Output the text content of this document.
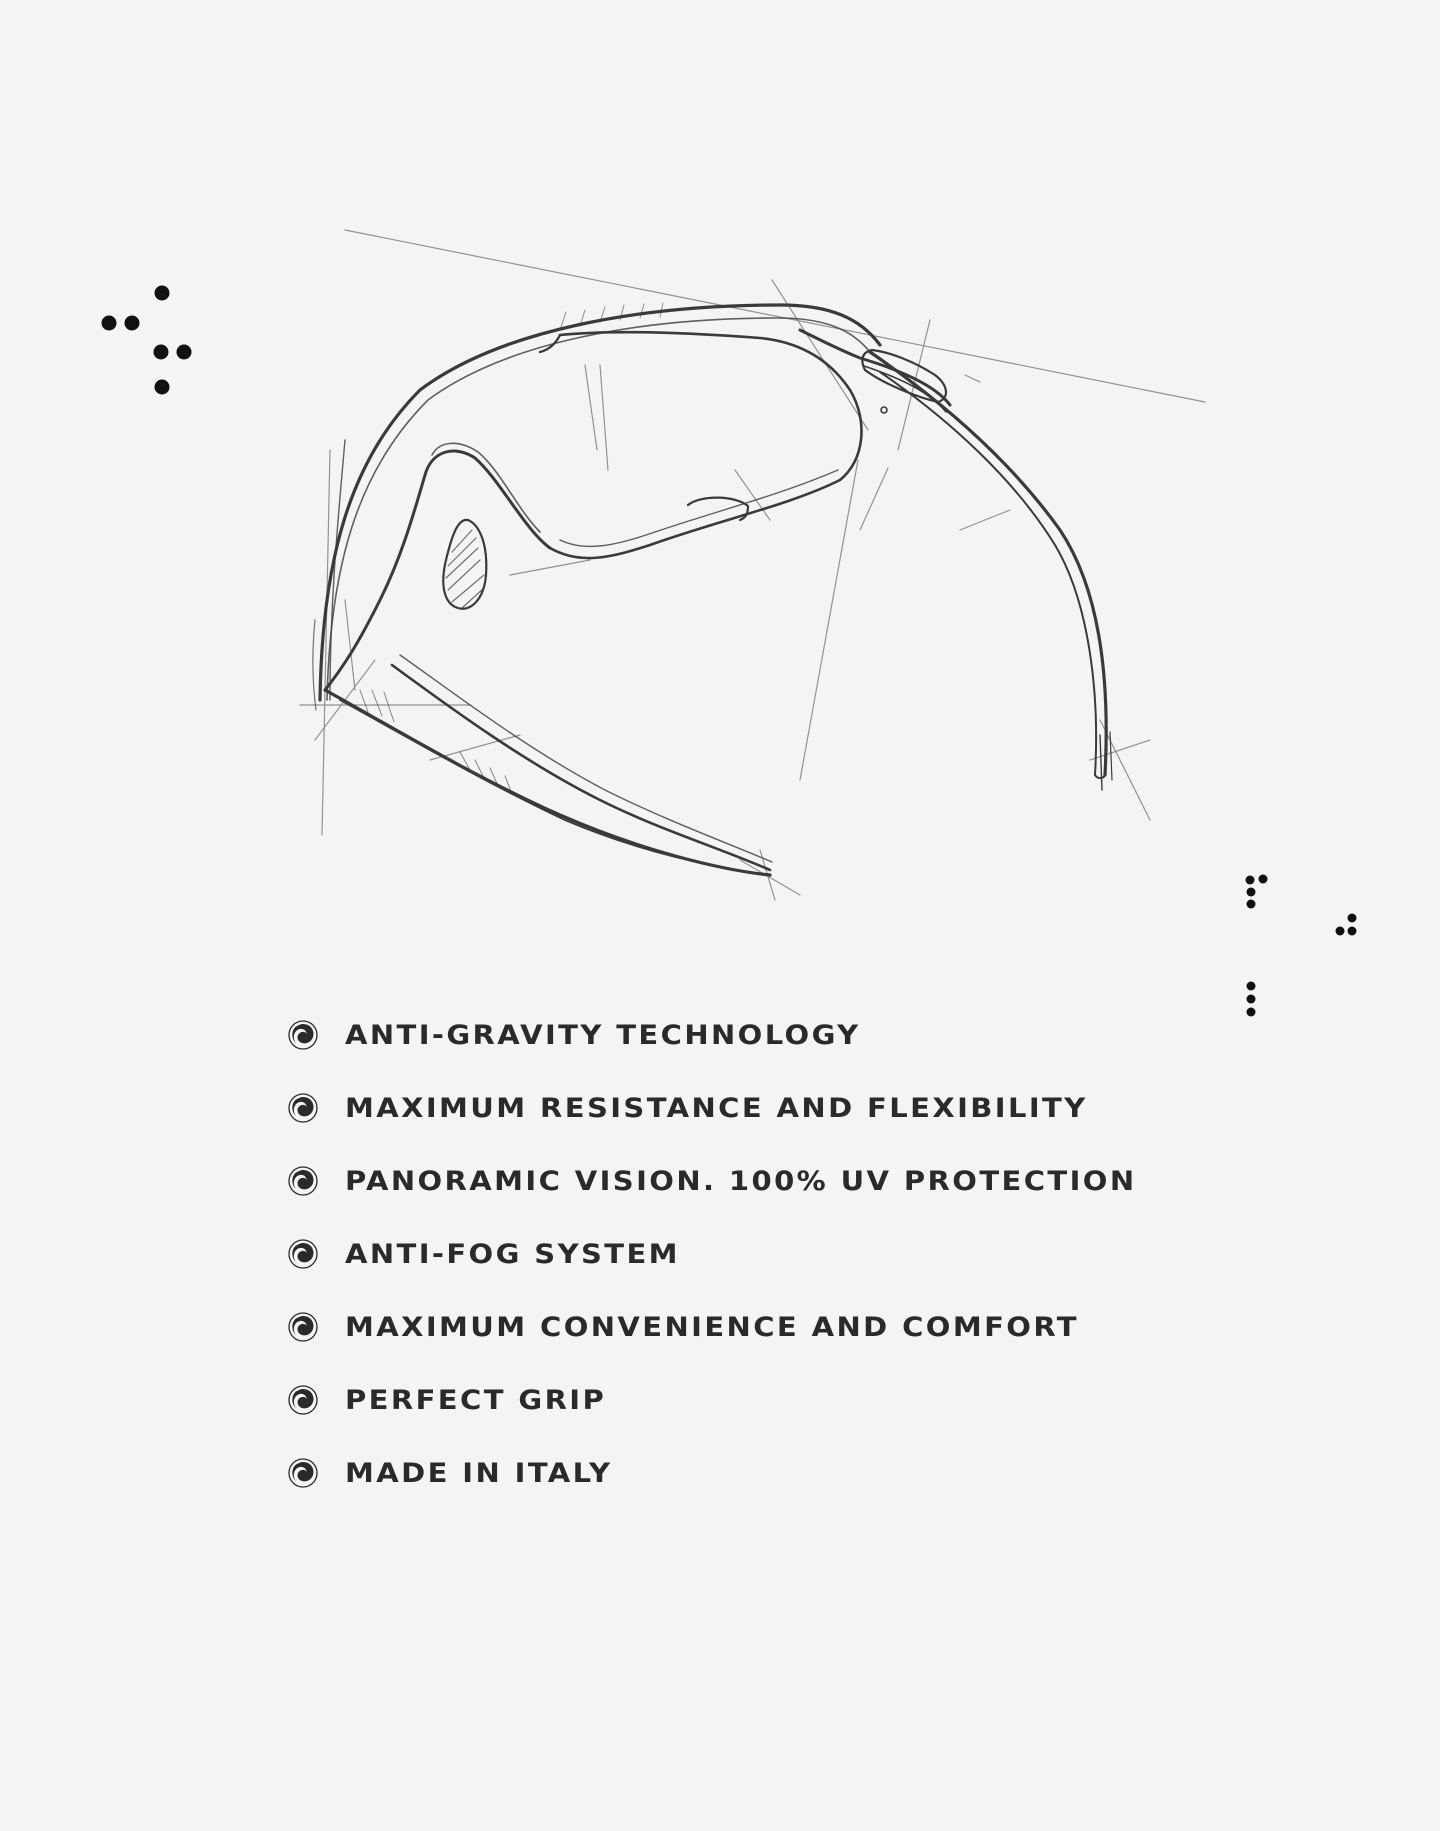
ANTI-GRAVITY TECHNOLOGY
MAXIMUM RESISTANCE AND FLEXIBILITY
PANORAMIC VISION. 100% UV PROTECTION
ANTI-FOG SYSTEM
MAXIMUM CONVENIENCE AND COMFORT
PERFECT GRIP
MADE IN ITALY
